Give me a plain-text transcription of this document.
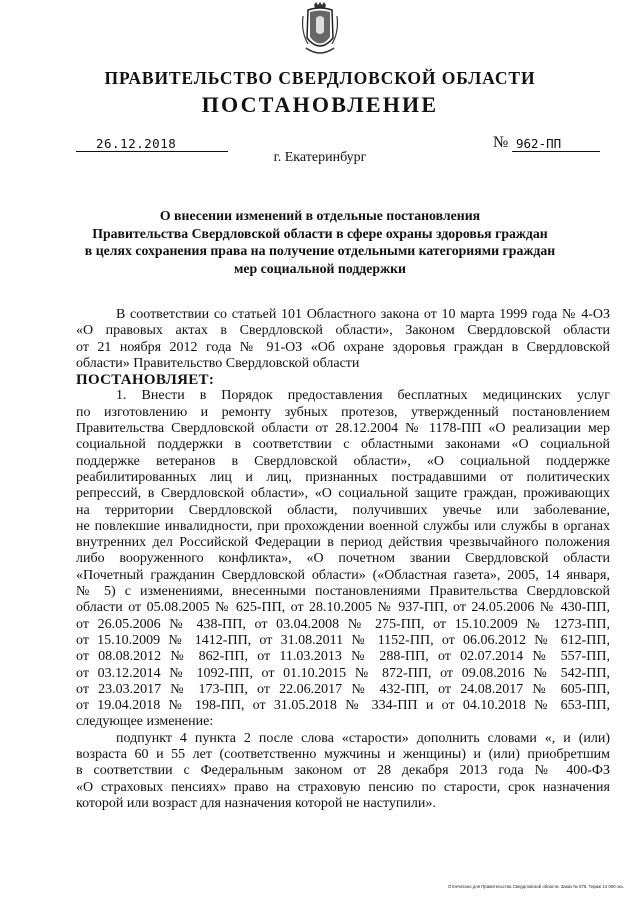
ПРАВИТЕЛЬСТВО СВЕРДЛОВСКОЙ ОБЛАСТИ
ПОСТАНОВЛЕНИЕ
26.12.2018	№ 962-ПП
г. Екатеринбург
О внесении изменений в отдельные постановления
Правительства Свердловской области в сфере охраны здоровья граждан
в целях сохранения права на получение отдельными категориями граждан
мер социальной поддержки

В соответствии со статьей 101 Областного закона от 10 марта 1999 года № 4-ОЗ

«О правовых актах в Свердловской области», Законом Свердловской области

от 21 ноября 2012 года № 91-ОЗ «Об охране здоровья граждан в Свердловской

области» Правительство Свердловской области

ПОСТАНОВЛЯЕТ:

1. Внести в Порядок предоставления бесплатных медицинских услуг

по изготовлению и ремонту зубных протезов, утвержденный постановлением

Правительства Свердловской области от 28.12.2004 № 1178-ПП «О реализации мер

социальной поддержки в соответствии с областными законами «О социальной

поддержке ветеранов в Свердловской области», «О социальной поддержке

реабилитированных лиц и лиц, признанных пострадавшими от политических

репрессий, в Свердловской области», «О социальной защите граждан, проживающих

на территории Свердловской области, получивших увечье или заболевание,

не повлекшие инвалидности, при прохождении военной службы или службы в органах

внутренних дел Российской Федерации в период действия чрезвычайного положения

либо вооруженного конфликта», «О почетном звании Свердловской области

«Почетный гражданин Свердловской области» («Областная газета», 2005, 14 января,

№ 5) с изменениями, внесенными постановлениями Правительства Свердловской

области от 05.08.2005 № 625-ПП, от 28.10.2005 № 937-ПП, от 24.05.2006 № 430-ПП,

от 26.05.2006 № 438-ПП, от 03.04.2008 № 275-ПП, от 15.10.2009 № 1273-ПП,

от 15.10.2009 № 1412-ПП, от 31.08.2011 № 1152-ПП, от 06.06.2012 № 612-ПП,

от 08.08.2012 № 862-ПП, от 11.03.2013 № 288-ПП, от 02.07.2014 № 557-ПП,

от 03.12.2014 № 1092-ПП, от 01.10.2015 № 872-ПП, от 09.08.2016 № 542-ПП,

от 23.03.2017 № 173-ПП, от 22.06.2017 № 432-ПП, от 24.08.2017 № 605-ПП,

от 19.04.2018 № 198-ПП, от 31.05.2018 № 334-ПП и от 04.10.2018 № 653-ПП,

следующее изменение:

подпункт 4 пункта 2 после слова «старости» дополнить словами «, и (или)

возраста 60 и 55 лет (соответственно мужчины и женщины) и (или) приобретшим

в соответствии с Федеральным законом от 28 декабря 2013 года № 400-ФЗ

«О страховых пенсиях» право на страховую пенсию по старости, срок назначения

которой или возраст для назначения которой не наступили».

Отпечатано для Правительства Свердловской области. Заказ № 575. Тираж 14 000 экз.
